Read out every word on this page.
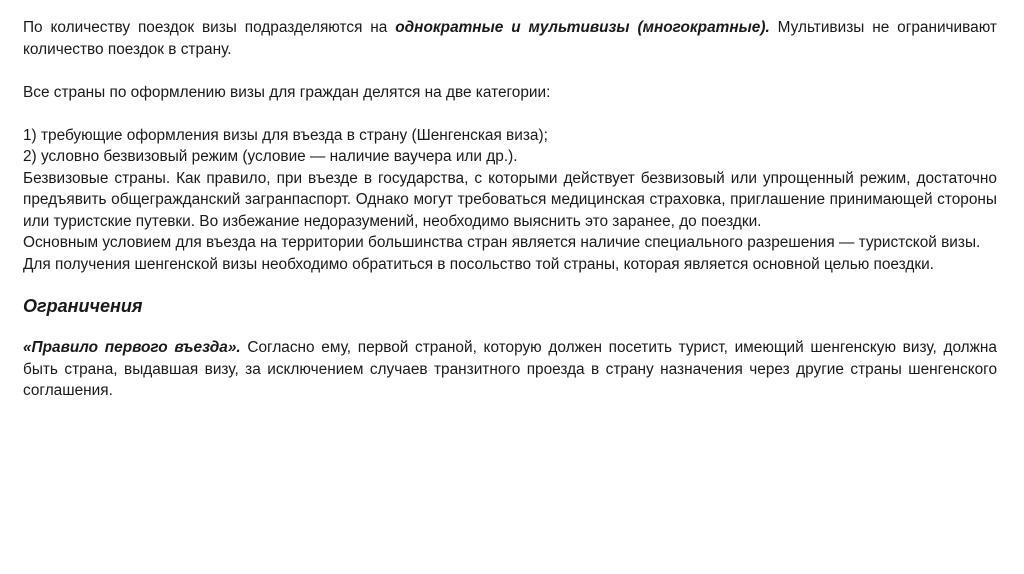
По количеству поездок визы подразделяются на однократные и мультивизы (многократные). Мультивизы не ограничивают количество поездок в страну.

Все страны по оформлению визы для граждан делятся на две категории:

1) требующие оформления визы для въезда в страну (Шенгенская виза);

2) условно безвизовый режим (условие — наличие ваучера или др.).

Безвизовые страны. Как правило, при въезде в государства, с которыми действует безвизовый или упрощенный режим, достаточно предъявить общегражданский загранпаспорт. Однако могут требоваться медицинская страховка, приглашение принимающей стороны или туристские путевки. Во избежание недоразумений, необходимо выяснить это заранее, до поездки.

Основным условием для въезда на территории большинства стран является наличие специального разрешения — туристской визы.

Для получения шенгенской визы необходимо обратиться в посольство той страны, которая является основной целью поездки.

Ограничения

«Правило первого въезда». Согласно ему, первой страной, которую должен посетить турист, имеющий шенгенскую визу, должна быть страна, выдавшая визу, за исключением случаев транзитного проезда в страну назначения через другие страны шенгенского соглашения.
